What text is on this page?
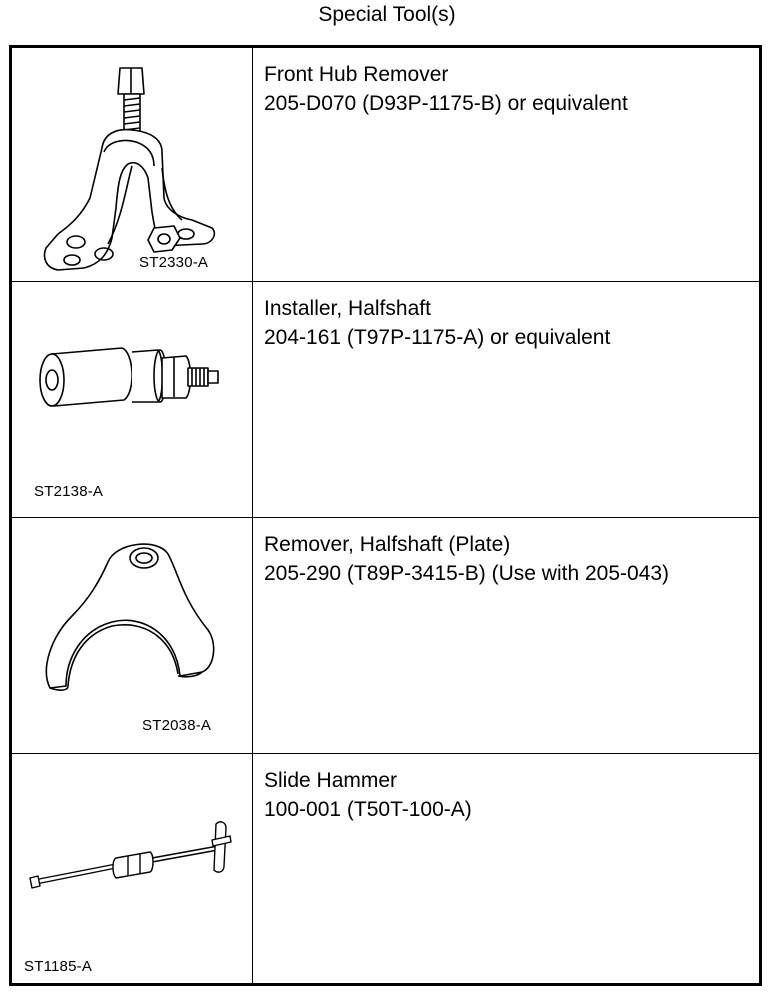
Special Tool(s)
ST2330-A
Front Hub Remover
205-D070 (D93P-1175-B) or equivalent
ST2138-A
Installer, Halfshaft
204-161 (T97P-1175-A) or equivalent
ST2038-A
Remover, Halfshaft (Plate)
205-290 (T89P-3415-B) (Use with 205-043)
ST1185-A
Slide Hammer
100-001 (T50T-100-A)
